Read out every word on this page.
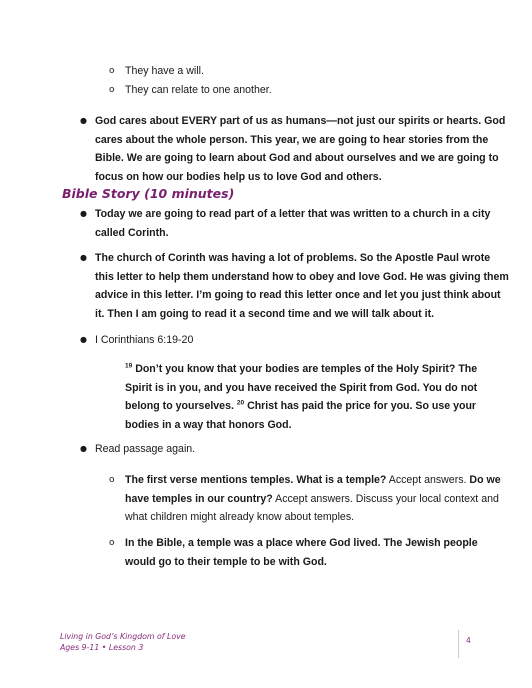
o They have a will.
o They can relate to one another.
● God cares about EVERY part of us as humans—not just our spirits or hearts. God
cares about the whole person. This year, we are going to hear stories from the
Bible. We are going to learn about God and about ourselves and we are going to
focus on how our bodies help us to love God and others.
Bible Story (10 minutes)
● Today we are going to read part of a letter that was written to a church in a city
called Corinth.
● The church of Corinth was having a lot of problems. So the Apostle Paul wrote
this letter to help them understand how to obey and love God. He was giving them
advice in this letter. I’m going to read this letter once and let you just think about
it. Then I am going to read it a second time and we will talk about it.
● I Corinthians 6:19-20
$^{19}$ Don’t you know that your bodies are temples of the Holy Spirit? The
Spirit is in you, and you have received the Spirit from God. You do not
belong to yourselves. $^{20}$ Christ has paid the price for you. So use your
bodies in a way that honors God.
● Read passage again.
o The first verse mentions temples. What is a temple? Accept answers. Do we
have temples in our country? Accept answers. Discuss your local context and
what children might already know about temples.
o In the Bible, a temple was a place where God lived. The Jewish people
would go to their temple to be with God.
Living in God’s Kingdom of Love
Ages 9-11 • Lesson 3
4
